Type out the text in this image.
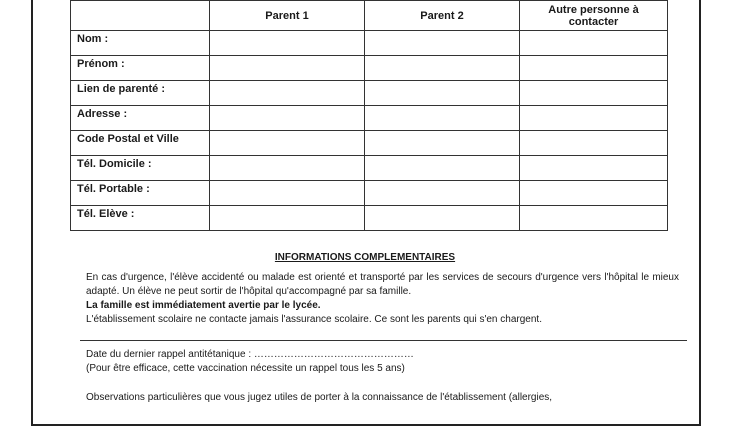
	Parent 1	Parent 2	Autre personne à
contacter
Nom :			
Prénom :			
Lien de parenté :			
Adresse :			
Code Postal et Ville			
Tél. Domicile :			
Tél. Portable :			
Tél. Elève :			
INFORMATIONS COMPLEMENTAIRES

En cas d'urgence, l'élève accidenté ou malade est orienté et transporté par les services de secours d'urgence vers l'hôpital le mieux adapté. Un élève ne peut sortir de l'hôpital qu'accompagné par sa famille.

La famille est immédiatement avertie par le lycée.

L'établissement scolaire ne contacte jamais l'assurance scolaire. Ce sont les parents qui s'en chargent.

Date du dernier rappel antitétanique : …………………………………………

(Pour être efficace, cette vaccination nécessite un rappel tous les 5 ans)

Observations particulières que vous jugez utiles de porter à la connaissance de l'établissement (allergies,
